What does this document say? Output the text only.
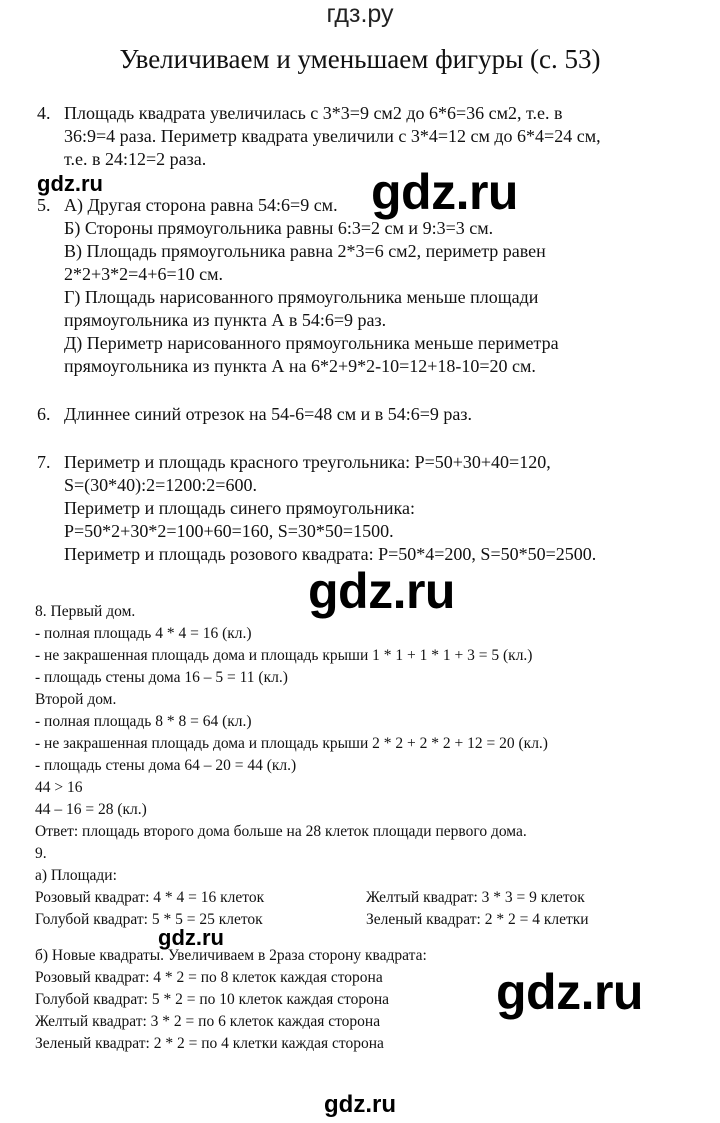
гдз.ру
Увеличиваем и уменьшаем фигуры (с. 53)
4. Площадь квадрата увеличилась с 3*3=9 см2 до 6*6=36 см2, т.е. в
36:9=4 раза. Периметр квадрата увеличили с 3*4=12 см до 6*4=24 см,
т.е. в 24:12=2 раза.
gdz.ru	gdz.ru
5. А) Другая сторона равна 54:6=9 см.
Б) Стороны прямоугольника равны 6:3=2 см и 9:3=3 см.
В) Площадь прямоугольника равна 2*3=6 см2, периметр равен
2*2+3*2=4+6=10 см.
Г) Площадь нарисованного прямоугольника меньше площади
прямоугольника из пункта А в 54:6=9 раз.
Д) Периметр нарисованного прямоугольника меньше периметра
прямоугольника из пункта А на 6*2+9*2-10=12+18-10=20 см.
6. Длиннее синий отрезок на 54-6=48 см и в 54:6=9 раз.
7. Периметр и площадь красного треугольника: P=50+30+40=120,
S=(30*40):2=1200:2=600.
Периметр и площадь синего прямоугольника:
P=50*2+30*2=100+60=160, S=30*50=1500.
Периметр и площадь розового квадрата: P=50*4=200, S=50*50=2500.
gdz.ru
8. Первый дом.
- полная площадь 4 * 4 = 16 (кл.)
- не закрашенная площадь дома и площадь крыши 1 * 1 + 1 * 1 + 3 = 5 (кл.)
- площадь стены дома 16 – 5 = 11 (кл.)
Второй дом.
- полная площадь 8 * 8 = 64 (кл.)
- не закрашенная площадь дома и площадь крыши 2 * 2 + 2 * 2 + 12 = 20 (кл.)
- площадь стены дома 64 – 20 = 44 (кл.)
44 > 16
44 – 16 = 28 (кл.)
Ответ: площадь второго дома больше на 28 клеток площади первого дома.
9.
а) Площади:
Розовый квадрат: 4 * 4 = 16 клеток
Голубой квадрат: 5 * 5 = 25 клеток
Желтый квадрат: 3 * 3 = 9 клеток
Зеленый квадрат: 2 * 2 = 4 клетки
gdz.ru
б) Новые квадраты. Увеличиваем в 2раза сторону квадрата:
Розовый квадрат: 4 * 2 = по 8 клеток каждая сторона
Голубой квадрат: 5 * 2 = по 10 клеток каждая сторона
Желтый квадрат: 3 * 2 = по 6 клеток каждая сторона
Зеленый квадрат: 2 * 2 = по 4 клетки каждая сторона
gdz.ru
gdz.ru
